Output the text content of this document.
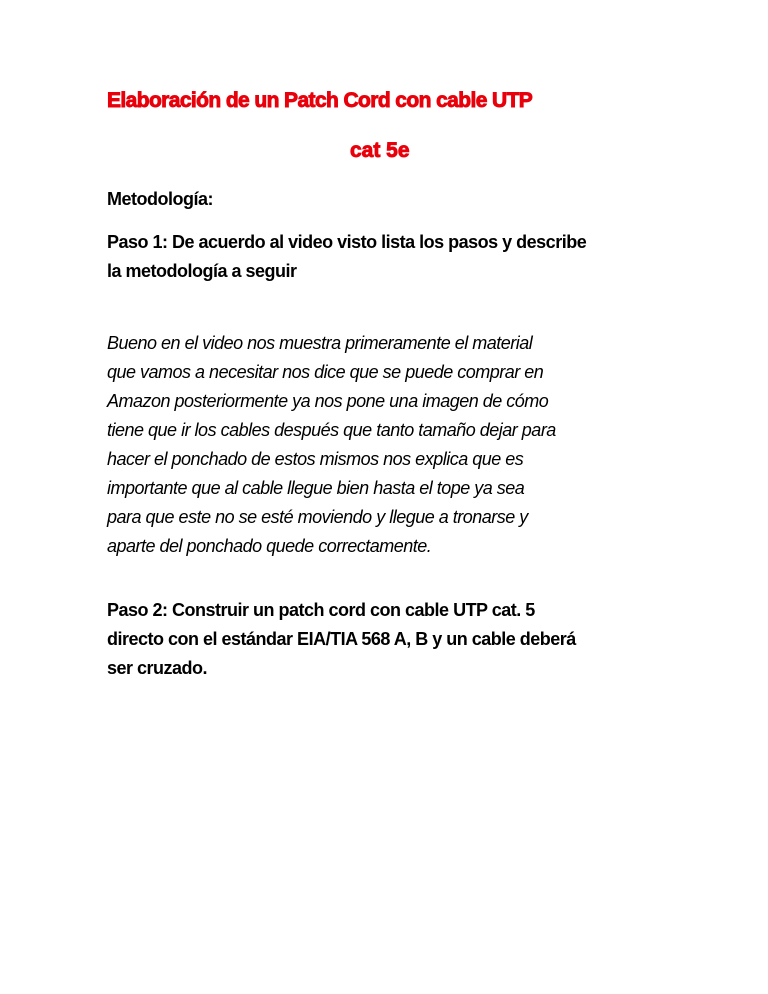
Elaboración de un Patch Cord con cable UTP
cat 5e
Metodología:
Paso 1: De acuerdo al video visto lista los pasos y describe
la metodología a seguir
Bueno en el video nos muestra primeramente el material
que vamos a necesitar nos dice que se puede comprar en
Amazon posteriormente ya nos pone una imagen de cómo
tiene que ir los cables después que tanto tamaño dejar para
hacer el ponchado de estos mismos nos explica que es
importante que al cable llegue bien hasta el tope ya sea
para que este no se esté moviendo y llegue a tronarse y
aparte del ponchado quede correctamente.
Paso 2: Construir un patch cord con cable UTP cat. 5
directo con el estándar EIA/TIA 568 A, B y un cable deberá
ser cruzado.
